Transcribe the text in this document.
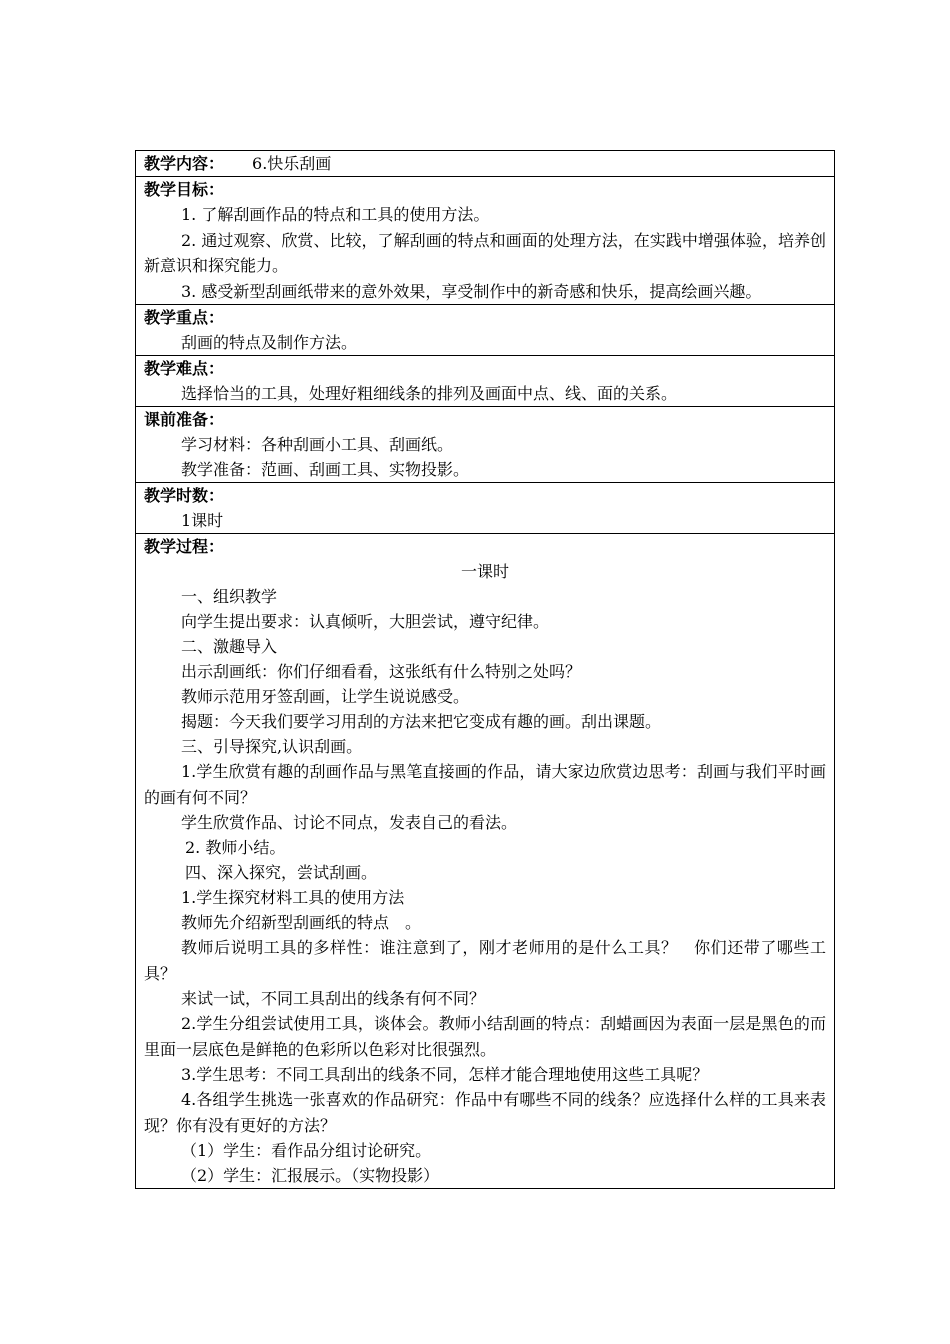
教学内容： 6.快乐刮画
教学目标：
1. 了解刮画作品的特点和工具的使用方法。
2. 通过观察、欣赏、比较，了解刮画的特点和画面的处理方法，在实践中增强体验，培养创新意识和探究能力。
3. 感受新型刮画纸带来的意外效果，享受制作中的新奇感和快乐，提高绘画兴趣。
教学重点：
刮画的特点及制作方法。
教学难点：
选择恰当的工具，处理好粗细线条的排列及画面中点、线、面的关系。
课前准备：
学习材料：各种刮画小工具、刮画纸。
教学准备：范画、刮画工具、实物投影。
教学时数：
1课时
教学过程：
一课时
一、组织教学
向学生提出要求：认真倾听，大胆尝试，遵守纪律。
二、激趣导入
出示刮画纸：你们仔细看看，这张纸有什么特别之处吗？
教师示范用牙签刮画，让学生说说感受。
揭题：今天我们要学习用刮的方法来把它变成有趣的画。刮出课题。
三、引导探究,认识刮画。
1.学生欣赏有趣的刮画作品与黑笔直接画的作品，请大家边欣赏边思考：刮画与我们平时画的画有何不同？
学生欣赏作品、讨论不同点，发表自己的看法。
2. 教师小结。
四、深入探究，尝试刮画。
1.学生探究材料工具的使用方法
教师先介绍新型刮画纸的特点　。
教师后说明工具的多样性：谁注意到了，刚才老师用的是什么工具？　你们还带了哪些工具？
来试一试，不同工具刮出的线条有何不同？
2.学生分组尝试使用工具，谈体会。教师小结刮画的特点：刮蜡画因为表面一层是黑色的而里面一层底色是鲜艳的色彩所以色彩对比很强烈。
3.学生思考：不同工具刮出的线条不同，怎样才能合理地使用这些工具呢？
4.各组学生挑选一张喜欢的作品研究：作品中有哪些不同的线条？应选择什么样的工具来表现？你有没有更好的方法？
（1）学生：看作品分组讨论研究。
（2）学生：汇报展示。（实物投影）
